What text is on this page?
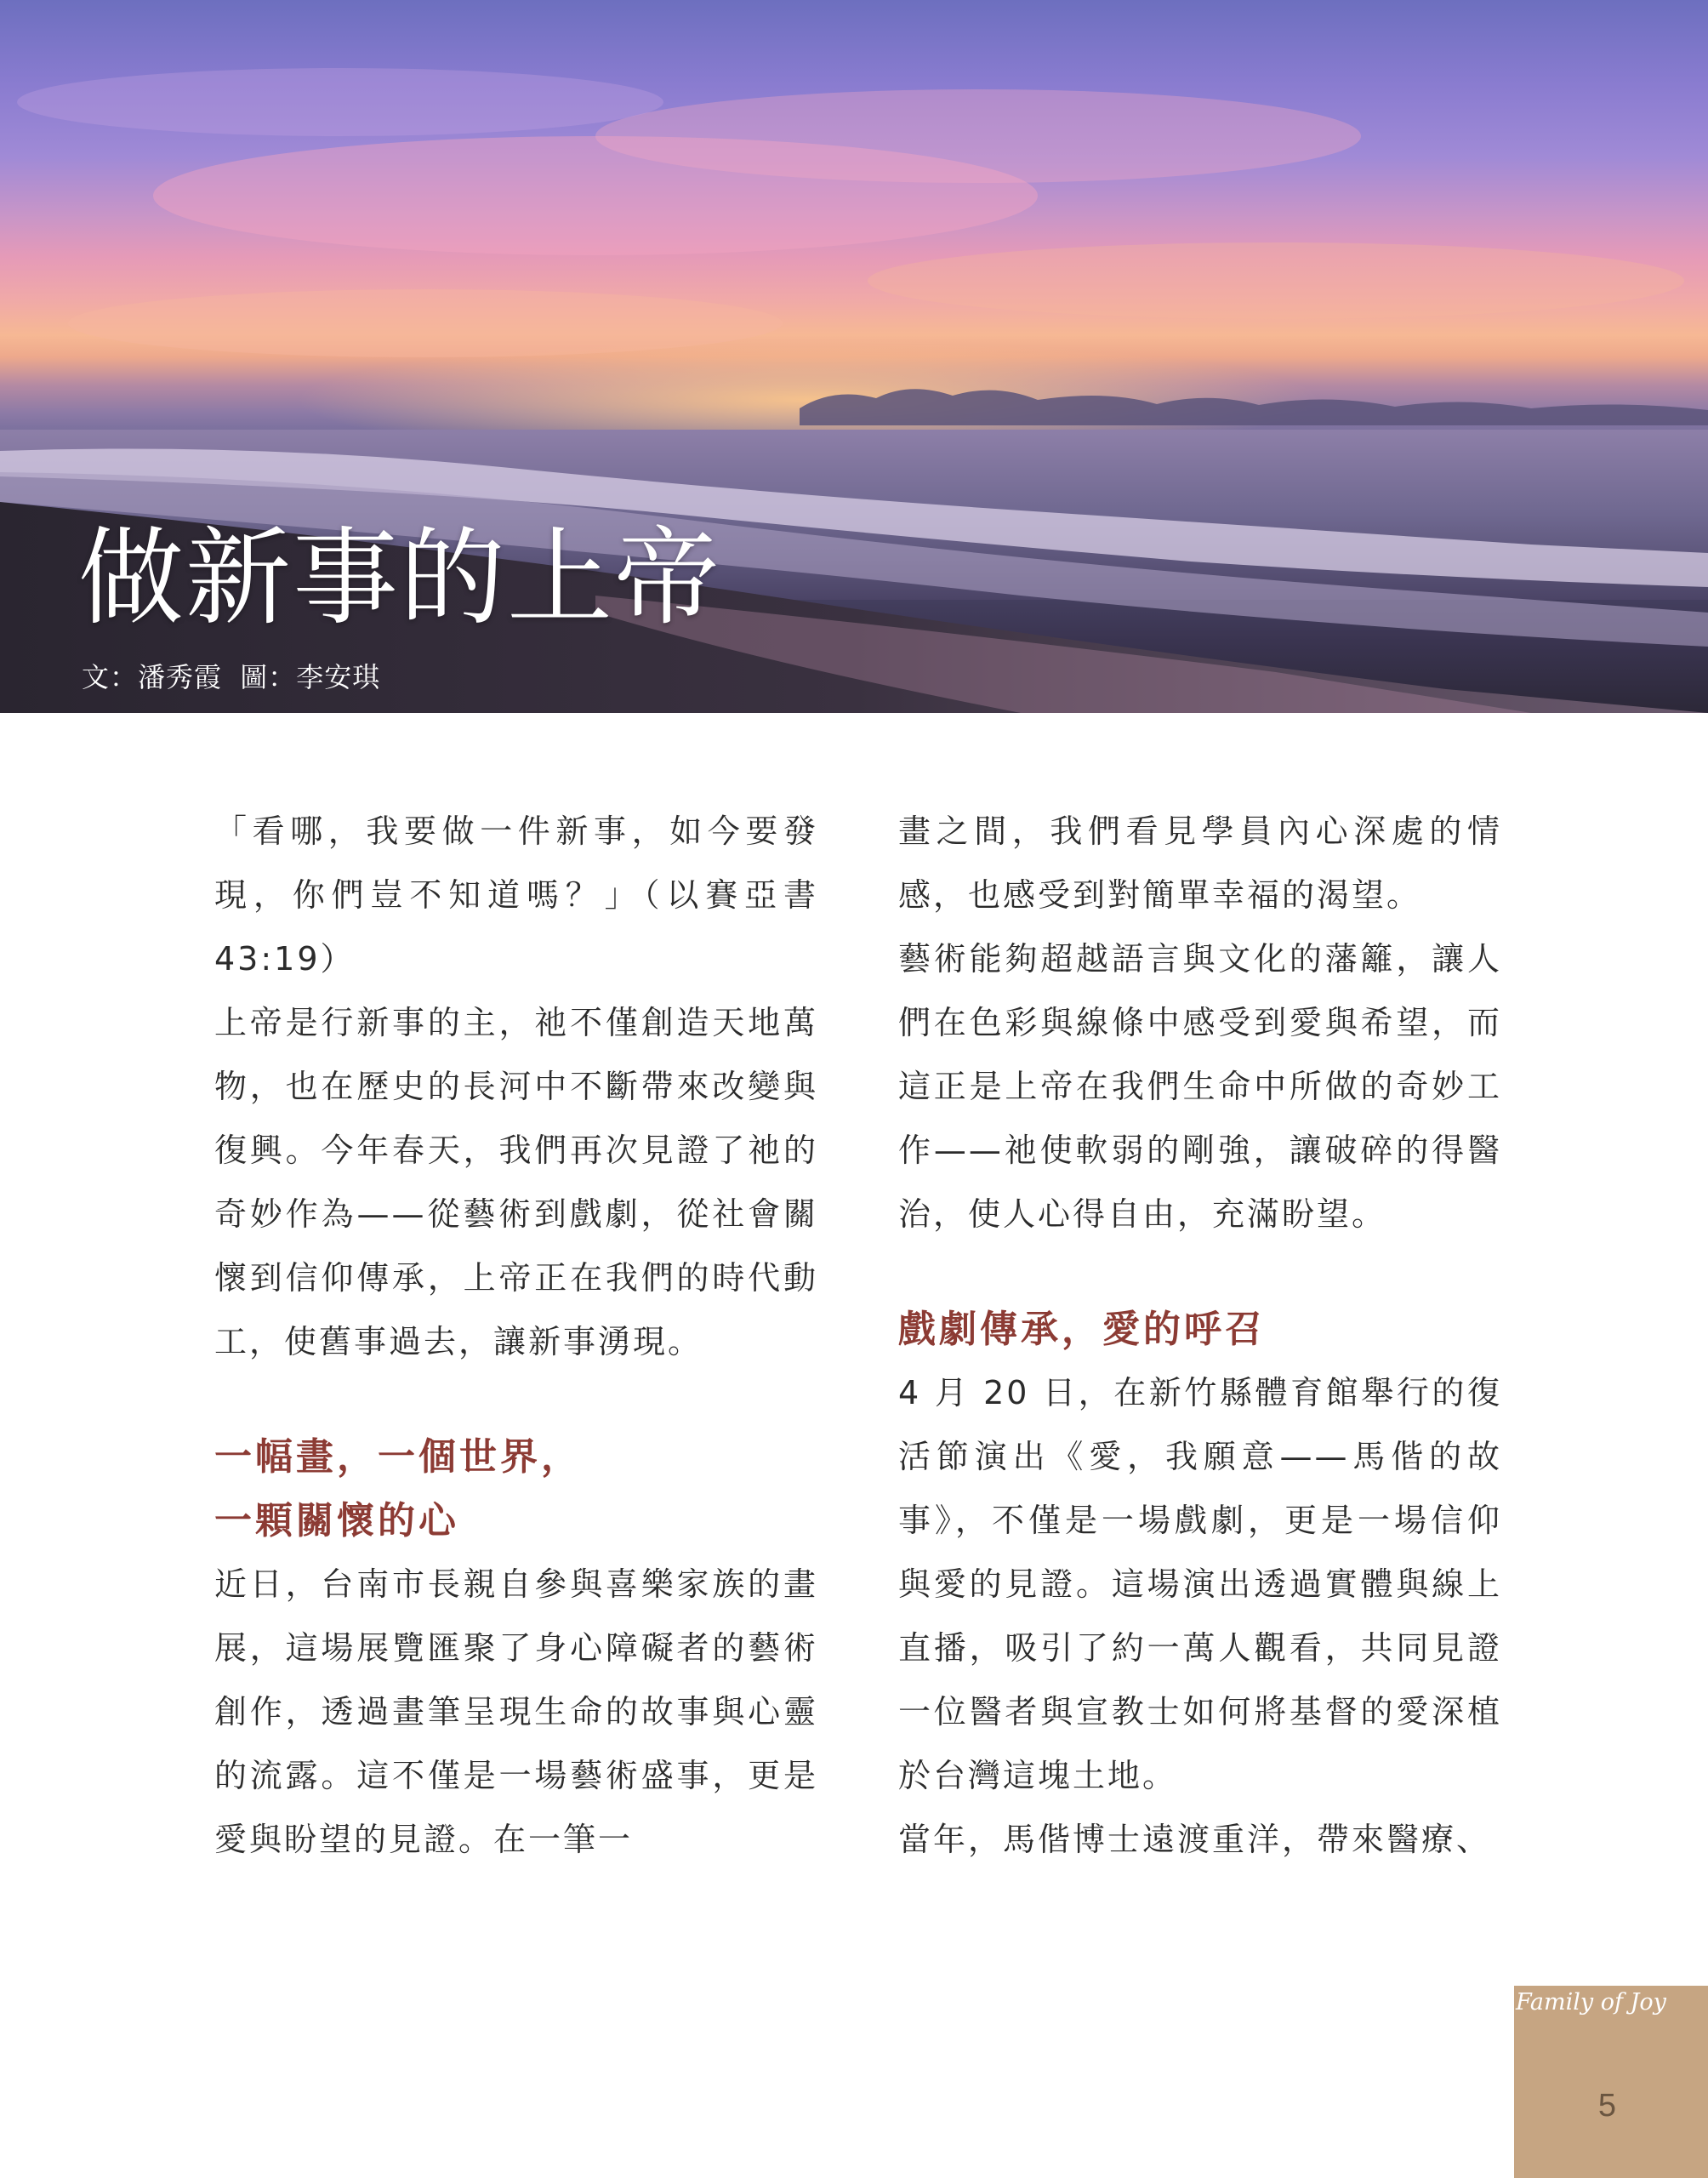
做新事的上帝
文：潘秀霞 圖：李安琪

「看哪，我要做一件新事，如今要發現，你們豈不知道嗎？」（以賽亞書 43:19）

上帝是行新事的主，祂不僅創造天地萬物，也在歷史的長河中不斷帶來改變與復興。今年春天，我們再次見證了祂的奇妙作為——從藝術到戲劇，從社會關懷到信仰傳承，上帝正在我們的時代動工，使舊事過去，讓新事湧現。

一幅畫，一個世界，
一顆關懷的心

近日，台南市長親自參與喜樂家族的畫展，這場展覽匯聚了身心障礙者的藝術創作，透過畫筆呈現生命的故事與心靈的流露。這不僅是一場藝術盛事，更是愛與盼望的見證。在一筆一

畫之間，我們看見學員內心深處的情感，也感受到對簡單幸福的渴望。

藝術能夠超越語言與文化的藩籬，讓人們在色彩與線條中感受到愛與希望，而這正是上帝在我們生命中所做的奇妙工作——祂使軟弱的剛強，讓破碎的得醫治，使人心得自由，充滿盼望。

戲劇傳承，愛的呼召

4 月 20 日，在新竹縣體育館舉行的復活節演出《愛，我願意——馬偕的故事》，不僅是一場戲劇，更是一場信仰與愛的見證。這場演出透過實體與線上直播，吸引了約一萬人觀看，共同見證一位醫者與宣教士如何將基督的愛深植於台灣這塊土地。

當年，馬偕博士遠渡重洋，帶來醫療、

Family of Joy
5
